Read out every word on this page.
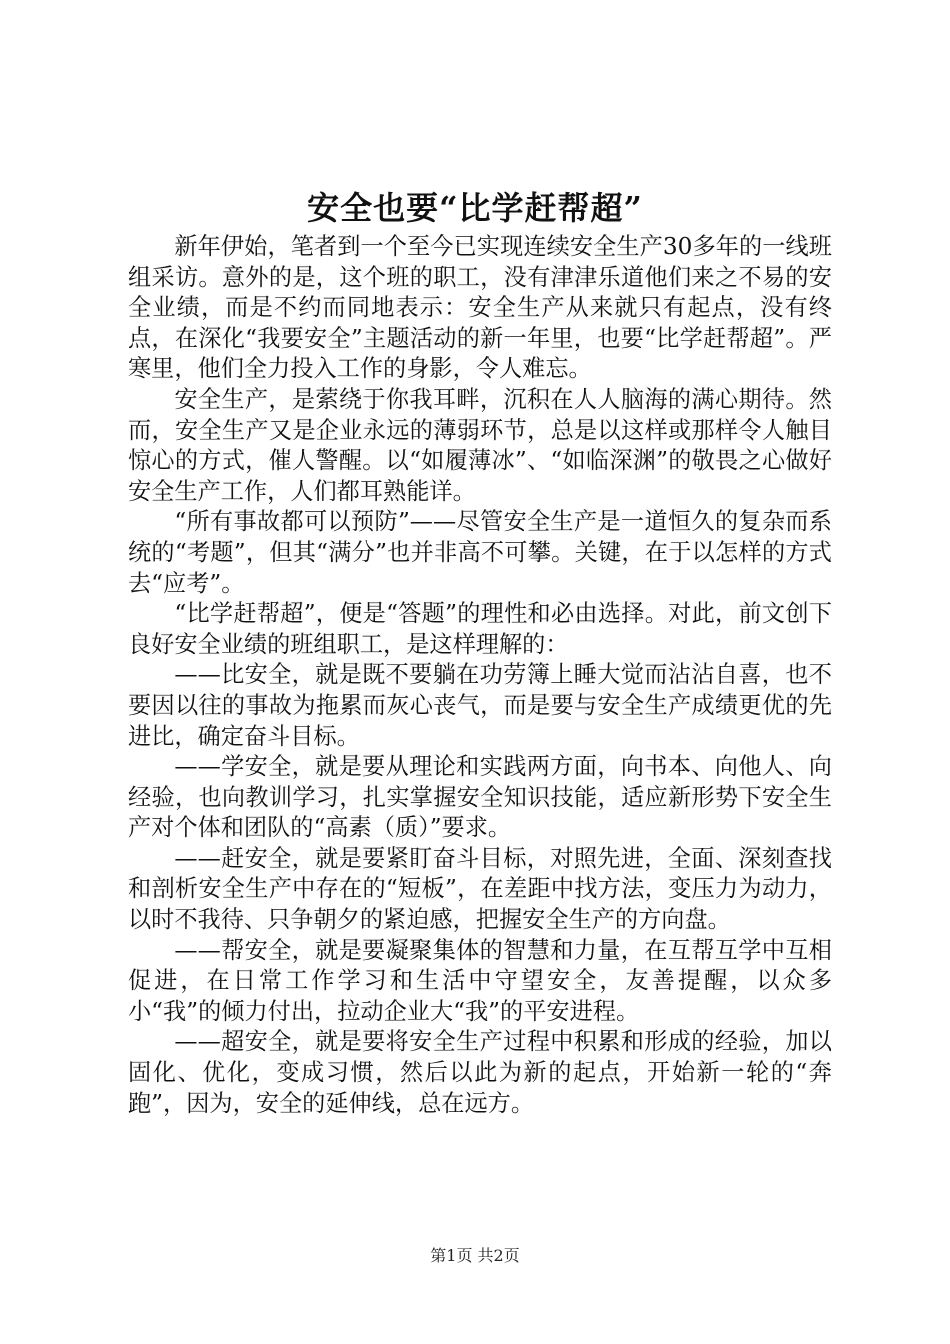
安全也要“比学赶帮超”

新年伊始，笔者到一个至今已实现连续安全生产30多年的一线班组采访。意外的是，这个班的职工，没有津津乐道他们来之不易的安全业绩，而是不约而同地表示：安全生产从来就只有起点，没有终点，在深化“我要安全”主题活动的新一年里，也要“比学赶帮超”。严寒里，他们全力投入工作的身影，令人难忘。

安全生产，是萦绕于你我耳畔，沉积在人人脑海的满心期待。然而，安全生产又是企业永远的薄弱环节，总是以这样或那样令人触目惊心的方式，催人警醒。以“如履薄冰”、“如临深渊”的敬畏之心做好安全生产工作，人们都耳熟能详。

“所有事故都可以预防”——尽管安全生产是一道恒久的复杂而系统的“考题”，但其“满分”也并非高不可攀。关键，在于以怎样的方式去“应考”。

“比学赶帮超”，便是“答题”的理性和必由选择。对此，前文创下良好安全业绩的班组职工，是这样理解的：

——比安全，就是既不要躺在功劳簿上睡大觉而沾沾自喜，也不要因以往的事故为拖累而灰心丧气，而是要与安全生产成绩更优的先进比，确定奋斗目标。

——学安全，就是要从理论和实践两方面，向书本、向他人、向经验，也向教训学习，扎实掌握安全知识技能，适应新形势下安全生产对个体和团队的“高素（质）”要求。

——赶安全，就是要紧盯奋斗目标，对照先进，全面、深刻查找和剖析安全生产中存在的“短板”，在差距中找方法，变压力为动力，以时不我待、只争朝夕的紧迫感，把握安全生产的方向盘。

——帮安全，就是要凝聚集体的智慧和力量，在互帮互学中互相促进，在日常工作学习和生活中守望安全，友善提醒，以众多小“我”的倾力付出，拉动企业大“我”的平安进程。

——超安全，就是要将安全生产过程中积累和形成的经验，加以固化、优化，变成习惯，然后以此为新的起点，开始新一轮的“奔跑”，因为，安全的延伸线，总在远方。

第1页 共2页
